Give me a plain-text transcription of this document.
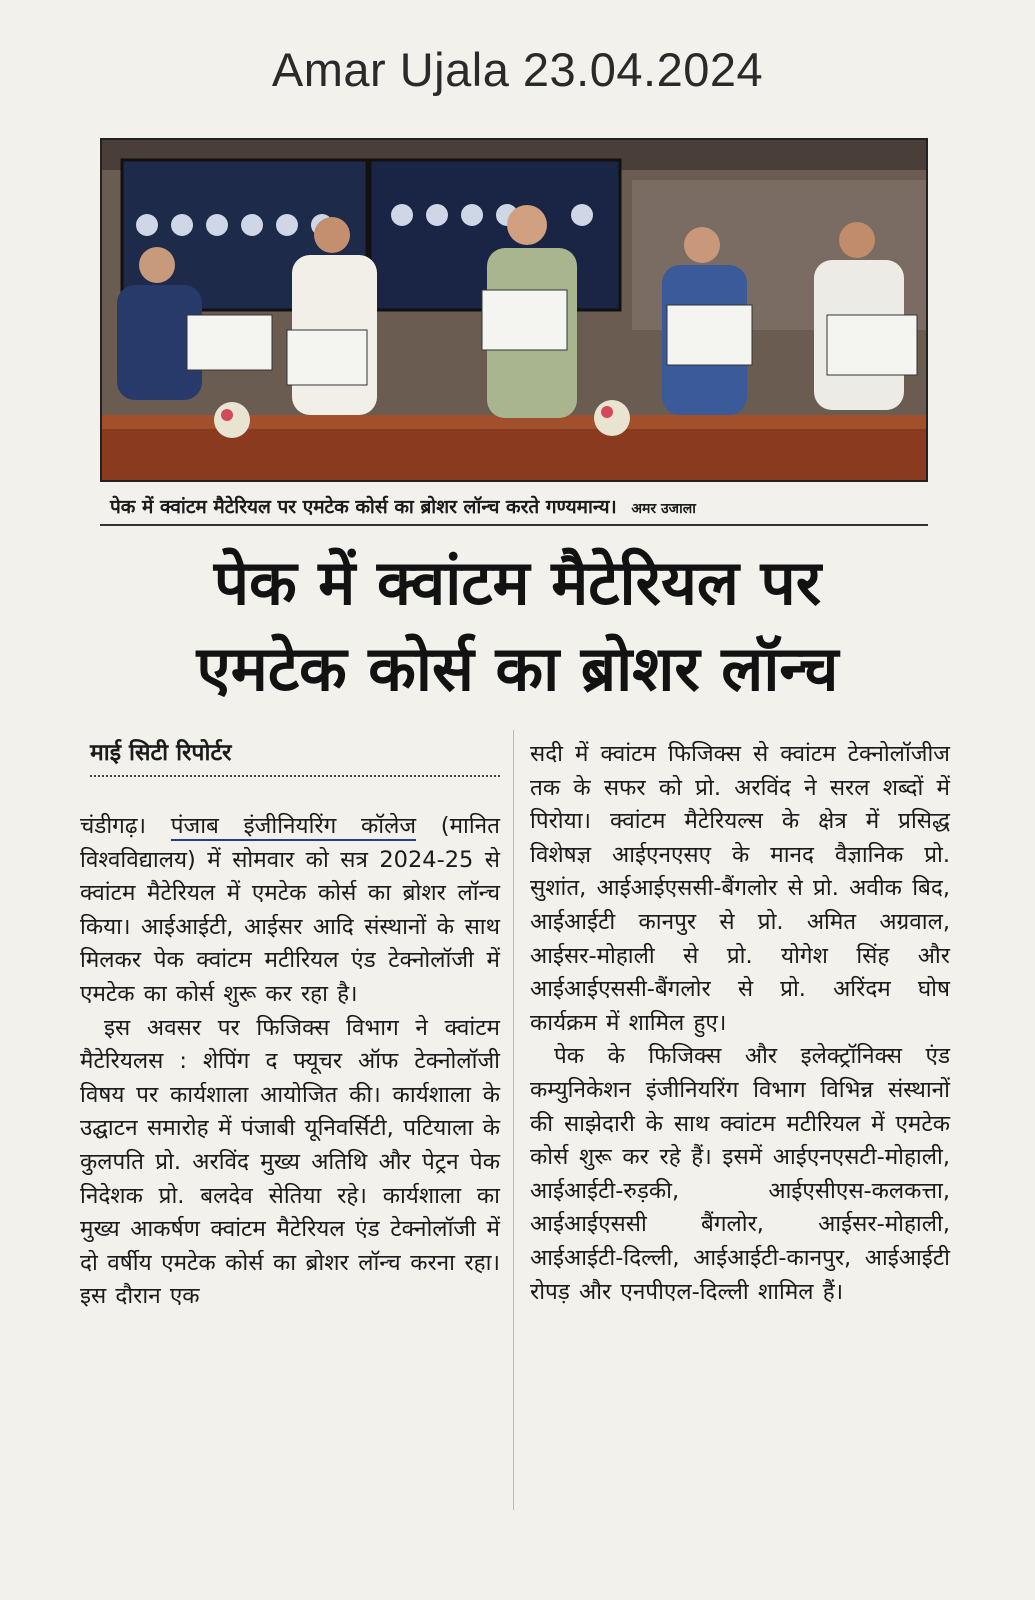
Amar Ujala 23.04.2024
पेक में क्वांटम मैटेरियल पर एमटेक कोर्स का ब्रोशर लॉन्च करते गण्यमान्य। अमर उजाला
पेक में क्वांटम मैटेरियल पर
एमटेक कोर्स का ब्रोशर लॉन्च
माई सिटी रिपोर्टर

चंडीगढ़। पंजाब इंजीनियरिंग कॉलेज (मानित विश्वविद्यालय) में सोमवार को सत्र 2024-25 से क्वांटम मैटेरियल में एमटेक कोर्स का ब्रोशर लॉन्च किया। आईआईटी, आईसर आदि संस्थानों के साथ मिलकर पेक क्वांटम मटीरियल एंड टेक्नोलॉजी में एमटेक का कोर्स शुरू कर रहा है।

इस अवसर पर फिजिक्स विभाग ने क्वांटम मैटेरियलस : शेपिंग द फ्यूचर ऑफ टेक्नोलॉजी विषय पर कार्यशाला आयोजित की। कार्यशाला के उद्घाटन समारोह में पंजाबी यूनिवर्सिटी, पटियाला के कुलपति प्रो. अरविंद मुख्य अतिथि और पेट्रन पेक निदेशक प्रो. बलदेव सेतिया रहे। कार्यशाला का मुख्य आकर्षण क्वांटम मैटेरियल एंड टेक्नोलॉजी में दो वर्षीय एमटेक कोर्स का ब्रोशर लॉन्च करना रहा। इस दौरान एक

सदी में क्वांटम फिजिक्स से क्वांटम टेक्नोलॉजीज तक के सफर को प्रो. अरविंद ने सरल शब्दों में पिरोया। क्वांटम मैटेरियल्स के क्षेत्र में प्रसिद्ध विशेषज्ञ आईएनएसए के मानद वैज्ञानिक प्रो. सुशांत, आईआईएससी-बैंगलोर से प्रो. अवीक बिद, आईआईटी कानपुर से प्रो. अमित अग्रवाल, आईसर-मोहाली से प्रो. योगेश सिंह और आईआईएससी-बैंगलोर से प्रो. अरिंदम घोष कार्यक्रम में शामिल हुए।

पेक के फिजिक्स और इलेक्ट्रॉनिक्स एंड कम्युनिकेशन इंजीनियरिंग विभाग विभिन्न संस्थानों की साझेदारी के साथ क्वांटम मटीरियल में एमटेक कोर्स शुरू कर रहे हैं। इसमें आईएनएसटी-मोहाली, आईआईटी-रुड़की, आईएसीएस-कलकत्ता, आईआईएससी बैंगलोर, आईसर-मोहाली, आईआईटी-दिल्ली, आईआईटी-कानपुर, आईआईटी रोपड़ और एनपीएल-दिल्ली शामिल हैं।
